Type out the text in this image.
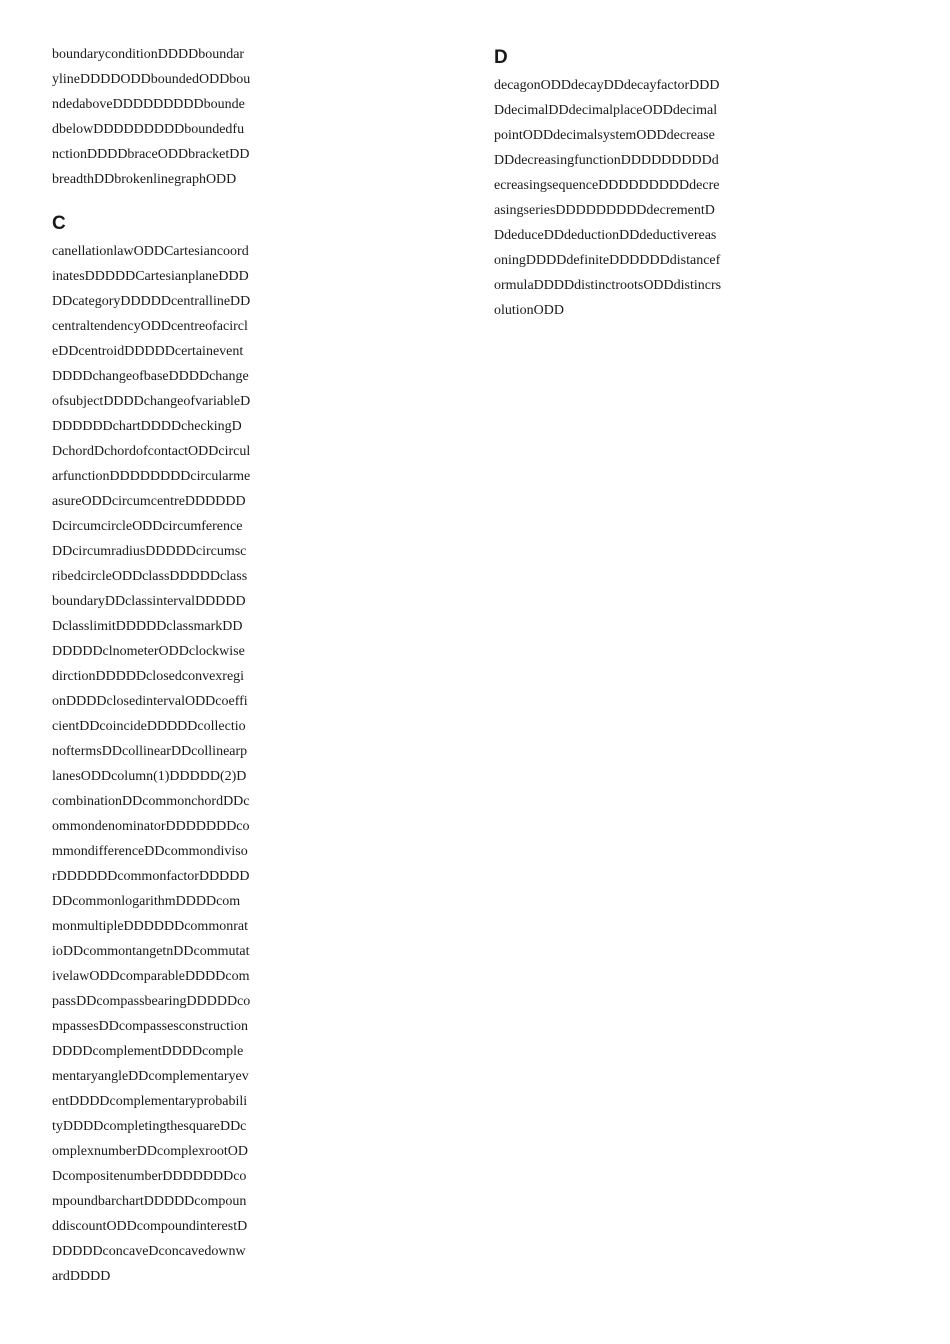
boundaryconditionDDDDboundar
ylineDDDDODDboundedODDbou
ndedaboveDDDDDDDDDbounde
dbelowDDDDDDDDDboundedfu
nctionDDDDbraceODDbracketDD
breadthDDbrokenlinegraphODD
C
canellationlawODDCartesiancoord
inatesDDDDDCartesianplaneDDD
DDcategoryDDDDDcentrallineDD
centraltendencyODDcentreofacircl
eDDcentroidDDDDDcertainevent
DDDDchangeofbaseDDDDchange
ofsubjectDDDDchangeofvariableD
DDDDDDchartDDDDcheckingD
DchordDchordofcontactODDcircul
arfunctionDDDDDDDDcircularme
asureODDcircumcentreDDDDDD
DcircumcircleODDcircumference
DDcircumradiusDDDDDcircumsc
ribedcircleODDclassDDDDDclass
boundaryDDclassintervalDDDDD
DclasslimitDDDDDclassmarkDD
DDDDDclnometerODDclockwise
dirctionDDDDDclosedconvexregi
onDDDDclosedintervalODDcoeffi
cientDDcoincideDDDDDcollectio
noftermsDDcollinearDDcollinearp
lanesODDcolumn(1)DDDDD(2)D
combinationDDcommonchordDDc
ommondenominatorDDDDDDDco
mmondifferenceDDcommondiviso
rDDDDDDcommonfactorDDDDD
DDcommonlogarithmDDDDcom
monmultipleDDDDDDcommonrat
ioDDcommontangetnDDcommutat
ivelawODDcomparableDDDDcom
passDDcompassbearingDDDDDco
mpassesDDcompassesconstruction
DDDDcomplementDDDDcomple
mentaryangleDDcomplementaryev
entDDDDcomplementaryprobabili
tyDDDDcompletingthesquareDDc
omplexnumberDDcomplexrootOD
DcompositenumberDDDDDDDco
mpoundbarchartDDDDDcompoun
ddiscountODDcompoundinterestD
DDDDDconcaveDconcavedownw
ardDDDD
D
decagonODDdecayDDdecayfactorDDD
DdecimalDDdecimalplaceODDdecimal
pointODDdecimalsystemODDdecrease
DDdecreasingfunctionDDDDDDDDDd
ecreasingsequenceDDDDDDDDDdecre
asingseriesDDDDDDDDDdecrementD
DdeduceDDdeductionDDdeductivereas
oningDDDDdefiniteDDDDDDdistancef
ormulaDDDDdistinctrootsODDdistincrs
olutionODD
